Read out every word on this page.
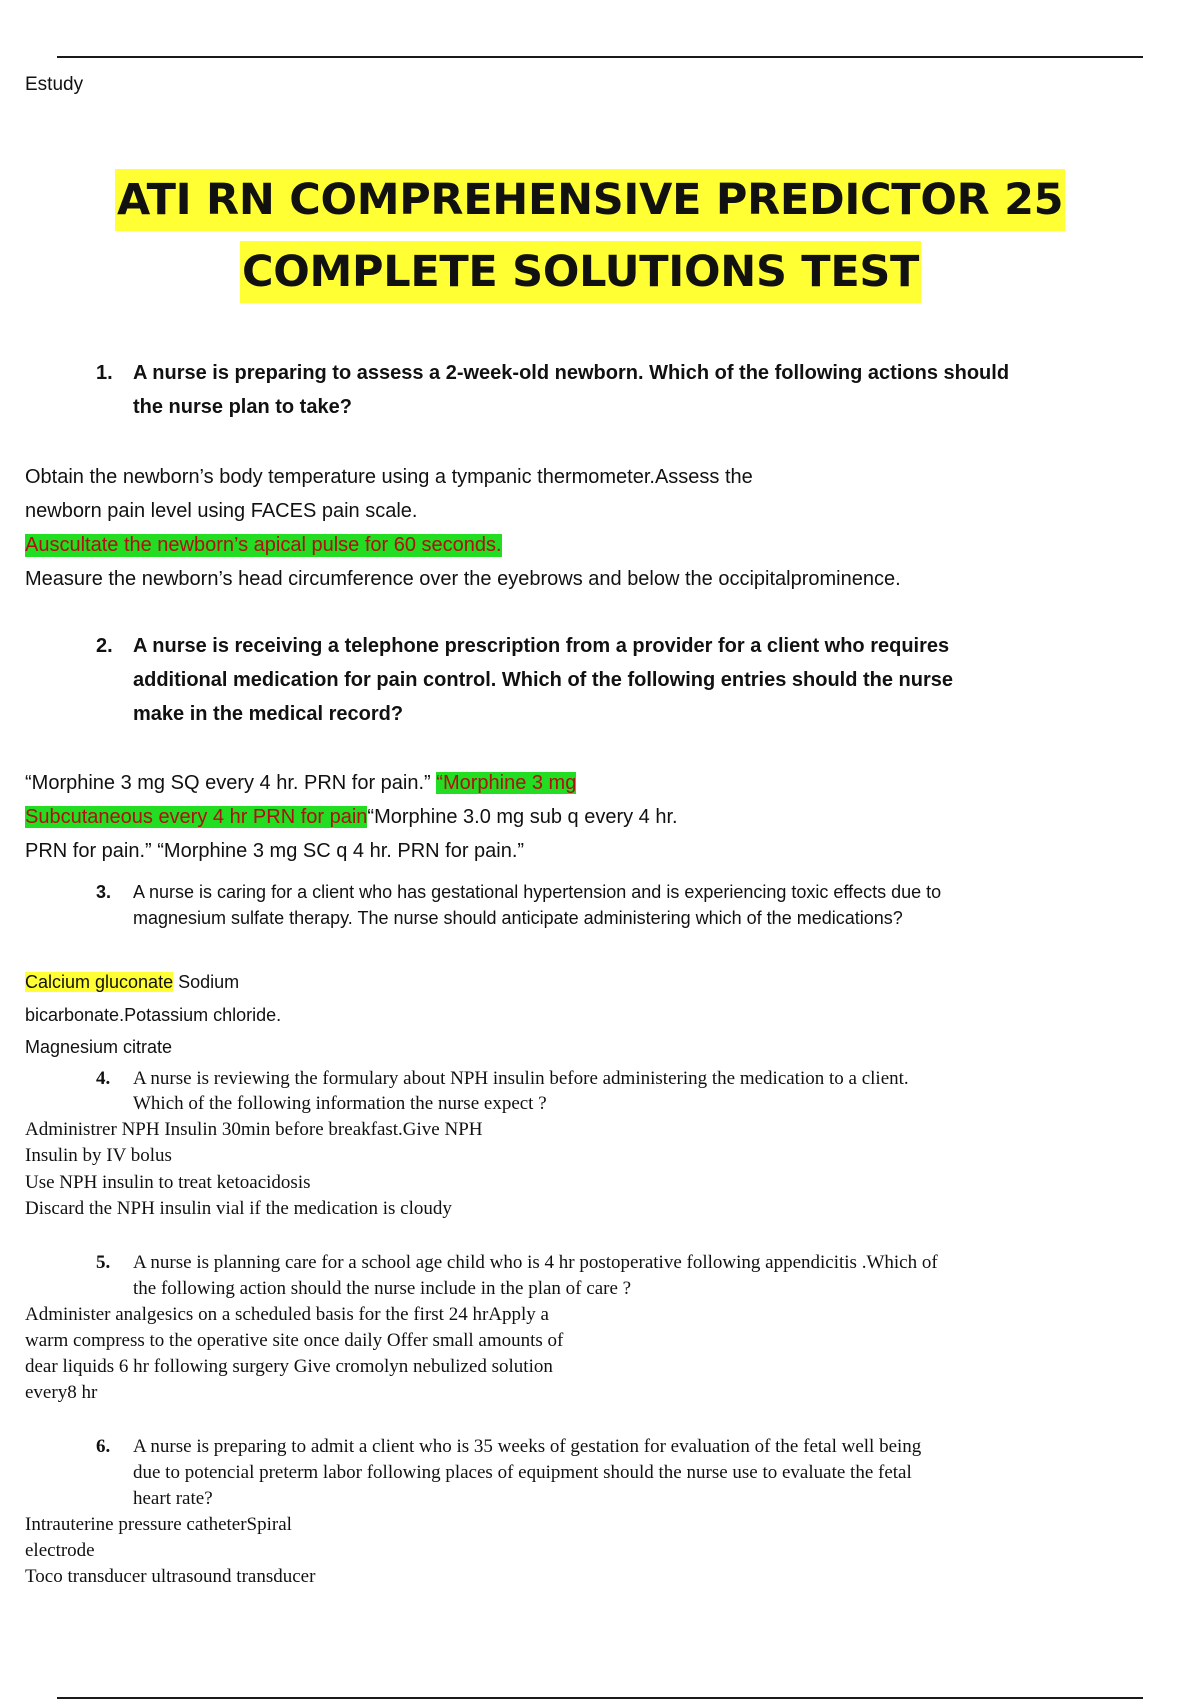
Estudy
ATI RN COMPREHENSIVE PREDICTOR 25
COMPLETE SOLUTIONS TEST
1. A nurse is preparing to assess a 2-week-old newborn. Which of the following actions should
the nurse plan to take?
Obtain the newborn’s body temperature using a tympanic thermometer.Assess the
newborn pain level using FACES pain scale.
Auscultate the newborn’s apical pulse for 60 seconds.
Measure the newborn’s head circumference over the eyebrows and below the occipitalprominence.
2. A nurse is receiving a telephone prescription from a provider for a client who requires
additional medication for pain control. Which of the following entries should the nurse
make in the medical record?
“Morphine 3 mg SQ every 4 hr. PRN for pain.” “Morphine 3 mg
Subcutaneous every 4 hr PRN for pain“Morphine 3.0 mg sub q every 4 hr.
PRN for pain.” “Morphine 3 mg SC q 4 hr. PRN for pain.”
3. A nurse is caring for a client who has gestational hypertension and is experiencing toxic effects due to
magnesium sulfate therapy. The nurse should anticipate administering which of the medications?
Calcium gluconate Sodium
bicarbonate.Potassium chloride.
Magnesium citrate
4. A nurse is reviewing the formulary about NPH insulin before administering the medication to a client.
Which of the following information the nurse expect ?
Administrer NPH Insulin 30min before breakfast.Give NPH
Insulin by IV bolus
Use NPH insulin to treat ketoacidosis
Discard the NPH insulin vial if the medication is cloudy
5. A nurse is planning care for a school age child who is 4 hr postoperative following appendicitis .Which of
the following action should the nurse include in the plan of care ?
Administer analgesics on a scheduled basis for the first 24 hrApply a
warm compress to the operative site once daily Offer small amounts of
dear liquids 6 hr following surgery Give cromolyn nebulized solution
every8 hr
6. A nurse is preparing to admit a client who is 35 weeks of gestation for evaluation of the fetal well being
due to potencial preterm labor following places of equipment should the nurse use to evaluate the fetal
heart rate?
Intrauterine pressure catheterSpiral
electrode
Toco transducer ultrasound transducer
